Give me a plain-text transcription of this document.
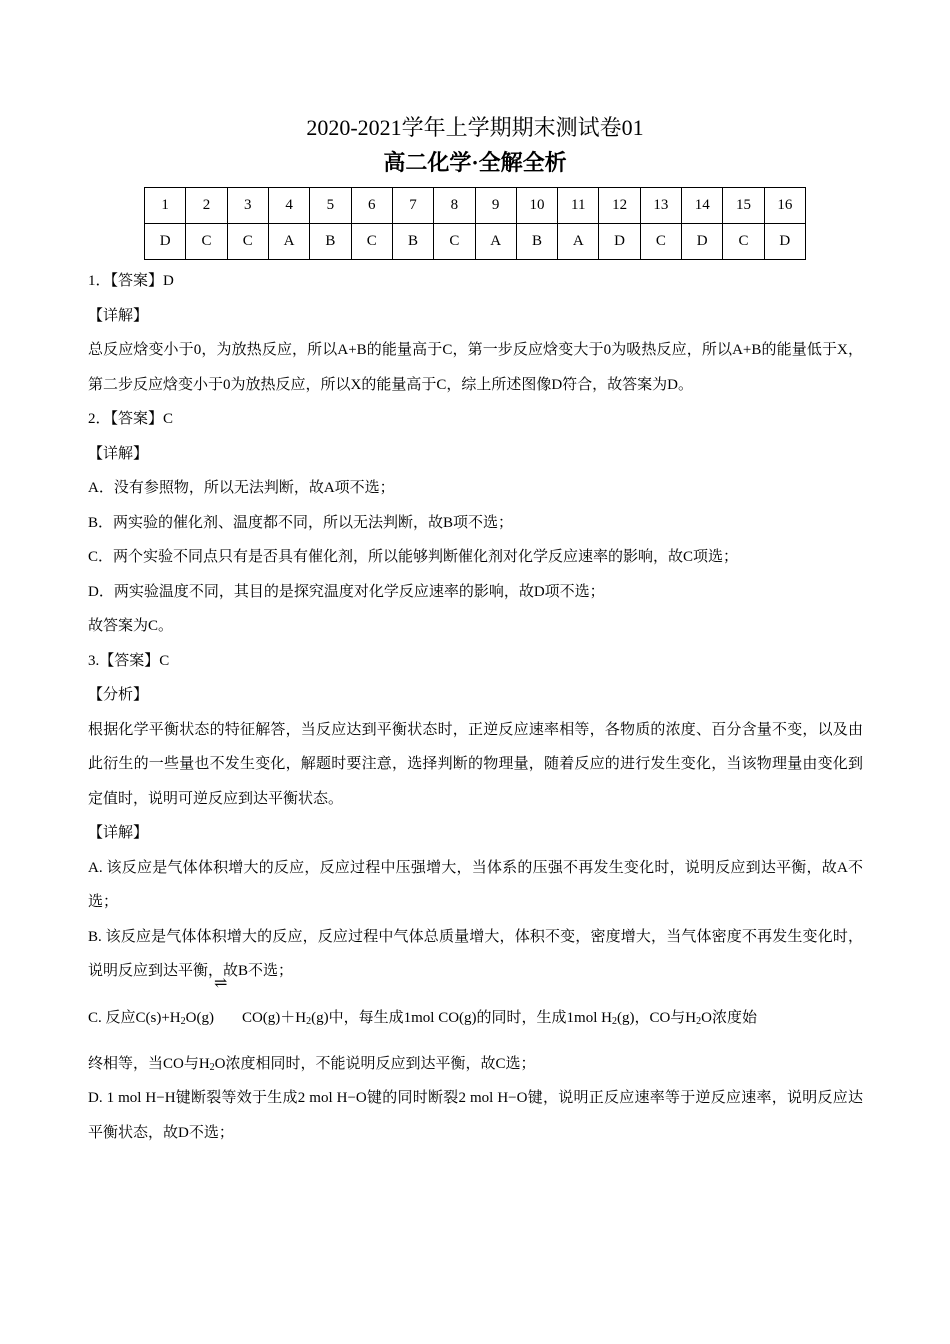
2020-2021学年上学期期末测试卷01
高二化学·全解全析
1	2	3	4	5	6	7	8	9	10	11	12	13	14	15	16
D	C	C	A	B	C	B	C	A	B	A	D	C	D	C	D
1．【答案】D
【详解】
总反应焓变小于0，为放热反应，所以A+B的能量高于C，第一步反应焓变大于0为吸热反应，所以A+B的能量低于X，第二步反应焓变小于0为放热反应，所以X的能量高于C，综上所述图像D符合，故答案为D。
2．【答案】C
【详解】
A．没有参照物，所以无法判断，故A项不选；
B．两实验的催化剂、温度都不同，所以无法判断，故B项不选；
C．两个实验不同点只有是否具有催化剂，所以能够判断催化剂对化学反应速率的影响，故C项选；
D．两实验温度不同，其目的是探究温度对化学反应速率的影响，故D项不选；
故答案为C。
3.【答案】C
【分析】
根据化学平衡状态的特征解答，当反应达到平衡状态时，正逆反应速率相等，各物质的浓度、百分含量不变，以及由此衍生的一些量也不发生变化，解题时要注意，选择判断的物理量，随着反应的进行发生变化，当该物理量由变化到定值时，说明可逆反应到达平衡状态。
【详解】
A. 该反应是气体体积增大的反应，反应过程中压强增大，当体系的压强不再发生变化时，说明反应到达平衡，故A不选；
B. 该反应是气体体积增大的反应，反应过程中气体总质量增大，体积不变，密度增大，当气体密度不再发生变化时，说明反应到达平衡，故B不选；
C. 反应$C(s)+H_2O(g)$
⇌
$CO(g)+H_2(g)$中，每生成1mol CO(g)的同时，生成1mol $H_2(g)$，CO与$H_2O$浓度始
终相等，当CO与$H_2O$浓度相同时，不能说明反应到达平衡，故C选；
D. 1 mol H−H键断裂等效于生成2 mol H−O键的同时断裂2 mol H−O键，说明正反应速率等于逆反应速率，说明反应达平衡状态，故D不选；
